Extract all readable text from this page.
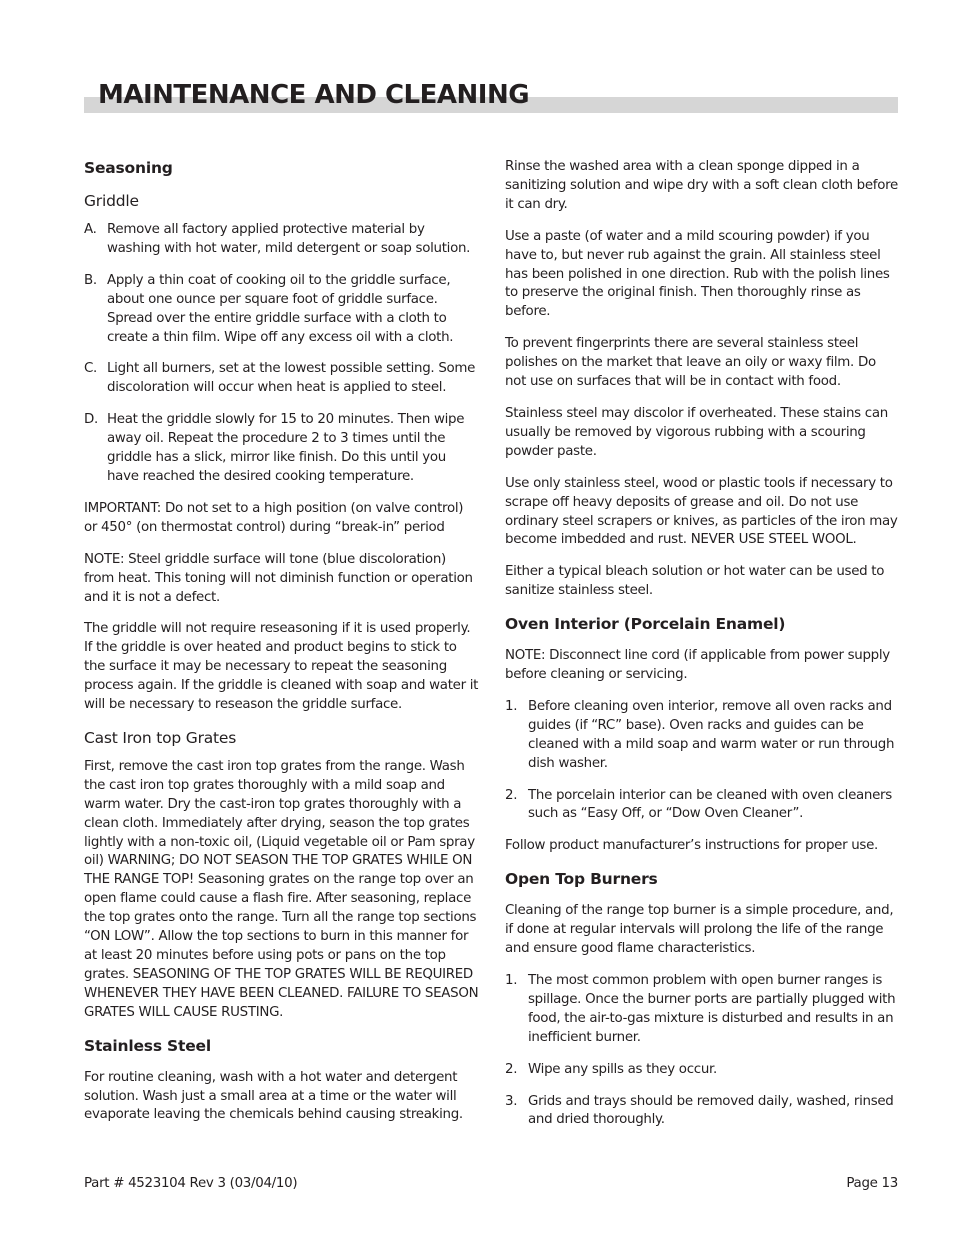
MAINTENANCE AND CLEANING
Seasoning
Griddle
A. Remove all factory applied protective material by washing with hot water, mild detergent or soap solution.
B. Apply a thin coat of cooking oil to the griddle surface, about one ounce per square foot of griddle surface. Spread over the entire griddle surface with a cloth to create a thin film. Wipe off any excess oil with a cloth.
C. Light all burners, set at the lowest possible setting. Some discoloration will occur when heat is applied to steel.
D. Heat the griddle slowly for 15 to 20 minutes. Then wipe away oil. Repeat the procedure 2 to 3 times until the griddle has a slick, mirror like finish. Do this until you have reached the desired cooking temperature.

IMPORTANT: Do not set to a high position (on valve control) or 450° (on thermostat control) during “break-in” period

NOTE: Steel griddle surface will tone (blue discoloration) from heat. This toning will not diminish function or operation and it is not a defect.

The griddle will not require reseasoning if it is used properly. If the griddle is over heated and product begins to stick to the surface it may be necessary to repeat the seasoning process again. If the griddle is cleaned with soap and water it will be necessary to reseason the griddle surface.

Cast Iron top Grates

First, remove the cast iron top grates from the range. Wash the cast iron top grates thoroughly with a mild soap and warm water. Dry the cast-iron top grates thoroughly with a clean cloth. Immediately after drying, season the top grates lightly with a non-toxic oil, (Liquid vegetable oil or Pam spray oil) WARNING; DO NOT SEASON THE TOP GRATES WHILE ON THE RANGE TOP! Seasoning grates on the range top over an open flame could cause a flash fire. After seasoning, replace the top grates onto the range. Turn all the range top sections “ON LOW”. Allow the top sections to burn in this manner for at least 20 minutes before using pots or pans on the top grates. SEASONING OF THE TOP GRATES WILL BE REQUIRED WHENEVER THEY HAVE BEEN CLEANED. FAILURE TO SEASON GRATES WILL CAUSE RUSTING.

Stainless Steel

For routine cleaning, wash with a hot water and detergent solution. Wash just a small area at a time or the water will evaporate leaving the chemicals behind causing streaking.

Rinse the washed area with a clean sponge dipped in a sanitizing solution and wipe dry with a soft clean cloth before it can dry.

Use a paste (of water and a mild scouring powder) if you have to, but never rub against the grain. All stainless steel has been polished in one direction. Rub with the polish lines to preserve the original finish. Then thoroughly rinse as before.

To prevent fingerprints there are several stainless steel polishes on the market that leave an oily or waxy film. Do not use on surfaces that will be in contact with food.

Stainless steel may discolor if overheated. These stains can usually be removed by vigorous rubbing with a scouring powder paste.

Use only stainless steel, wood or plastic tools if necessary to scrape off heavy deposits of grease and oil. Do not use ordinary steel scrapers or knives, as particles of the iron may become imbedded and rust. NEVER USE STEEL WOOL.

Either a typical bleach solution or hot water can be used to sanitize stainless steel.

Oven Interior (Porcelain Enamel)

NOTE: Disconnect line cord (if applicable from power supply before cleaning or servicing.

1. Before cleaning oven interior, remove all oven racks and guides (if “RC” base). Oven racks and guides can be cleaned with a mild soap and warm water or run through dish washer.
2. The porcelain interior can be cleaned with oven cleaners such as “Easy Off, or “Dow Oven Cleaner”.

Follow product manufacturer’s instructions for proper use.

Open Top Burners

Cleaning of the range top burner is a simple procedure, and, if done at regular intervals will prolong the life of the range and ensure good flame characteristics.

1. The most common problem with open burner ranges is spillage. Once the burner ports are partially plugged with food, the air-to-gas mixture is disturbed and results in an inefficient burner.
2. Wipe any spills as they occur.
3. Grids and trays should be removed daily, washed, rinsed and dried thoroughly.
Part # 4523104 Rev 3 (03/04/10)	Page 13
